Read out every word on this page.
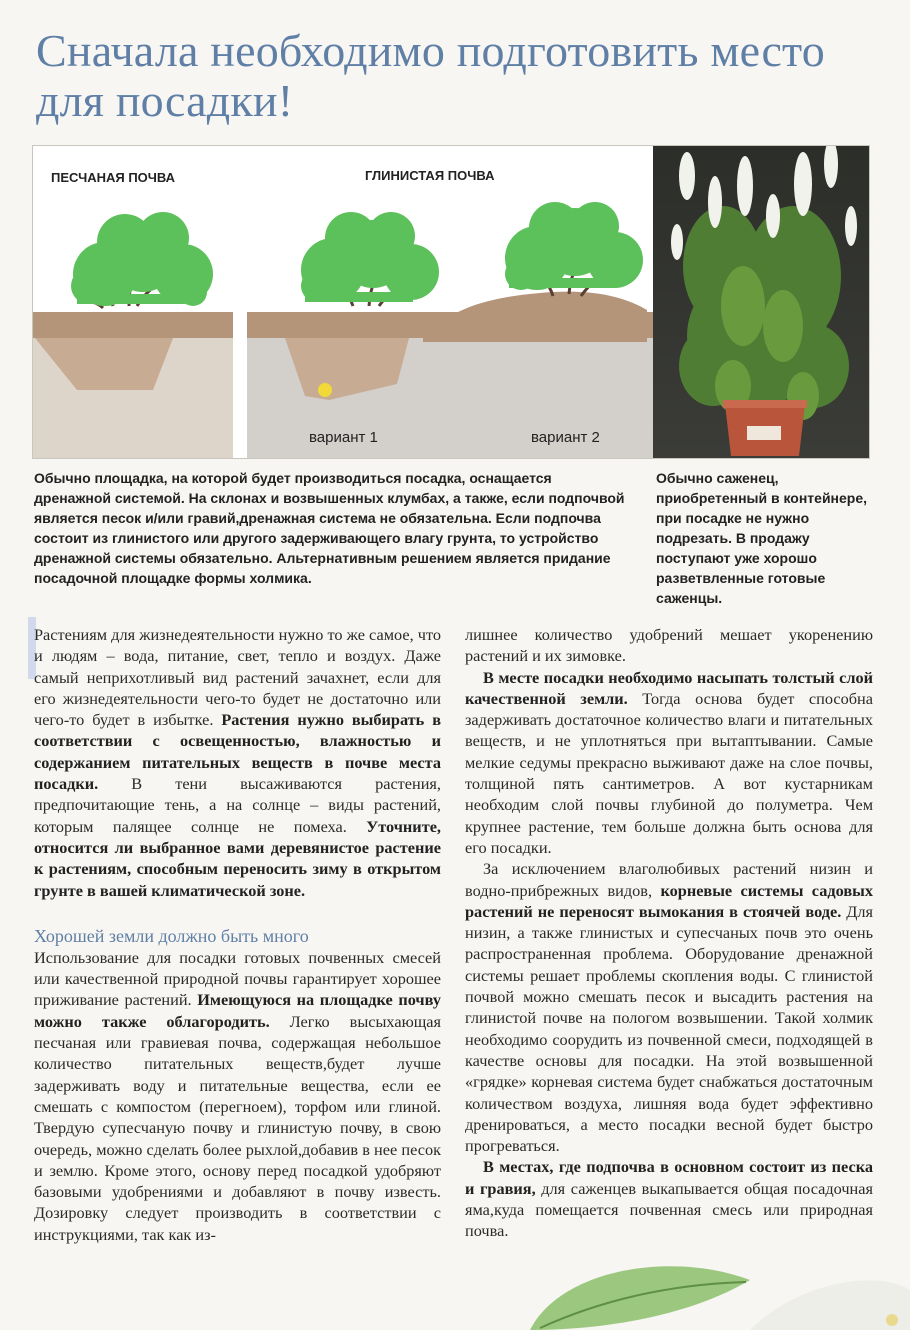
Сначала необходимо подготовить место для посадки!
ПЕСЧАНАЯ ПОЧВА	ГЛИНИСТАЯ ПОЧВА
вариант 1	вариант 2
Обычно площадка, на которой будет производиться посадка, оснащается дренажной системой. На склонах и возвышенных клумбах, а также, если подпочвой является песок и/или гравий,дренажная система не обязательна. Если подпочва состоит из глинистого или другого задерживающего влагу грунта, то устройство дренажной системы обязательно. Альтернативным решением является придание посадочной площадке формы холмика.
Обычно саженец, приобретенный в контейнере, при посадке не нужно подрезать. В продажу поступают уже хорошо разветвленные готовые саженцы.

Растениям для жизнедеятельности нужно то же самое, что и людям – вода, питание, свет, тепло и воздух. Даже самый неприхотливый вид растений зачахнет, если для его жизнедеятельности чего-то будет не достаточно или чего-то будет в избытке. Растения нужно выбирать в соответствии с освещенностью, влажностью и содержанием питательных веществ в почве места посадки. В тени высаживаются растения, предпочитающие тень, а на солнце – виды растений, которым палящее солнце не помеха. Уточните, относится ли выбранное вами деревянистое растение к растениям, способным переносить зиму в открытом грунте в вашей климатической зоне.

Хорошей земли должно быть много

Использование для посадки готовых почвенных смесей или качественной природной почвы гарантирует хорошее приживание растений. Имеющуюся на площадке почву можно также облагородить. Легко высыхающая песчаная или гравиевая почва, содержащая небольшое количество питательных веществ,будет лучше задерживать воду и питательные вещества, если ее смешать с компостом (перегноем), торфом или глиной. Твердую супесчаную почву и глинистую почву, в свою очередь, можно сделать более рыхлой,добавив в нее песок и землю. Кроме этого, основу перед посадкой удобряют базовыми удобрениями и добавляют в почву известь. Дозировку следует производить в соответствии с инструкциями, так как из-

лишнее количество удобрений мешает укоренению растений и их зимовке.

В месте посадки необходимо насыпать толстый слой качественной земли. Тогда основа будет способна задерживать достаточное количество влаги и питательных веществ, и не уплотняться при вытаптывании. Самые мелкие седумы прекрасно выживают даже на слое почвы, толщиной пять сантиметров. А вот кустарникам необходим слой почвы глубиной до полуметра. Чем крупнее растение, тем больше должна быть основа для его посадки.

За исключением влаголюбивых растений низин и водно-прибрежных видов, корневые системы садовых растений не переносят вымокания в стоячей воде. Для низин, а также глинистых и супесчаных почв это очень распространенная проблема. Оборудование дренажной системы решает проблемы скопления воды. С глинистой почвой можно смешать песок и высадить растения на глинистой почве на пологом возвышении. Такой холмик необходимо соорудить из почвенной смеси, подходящей в качестве основы для посадки. На этой возвышенной «грядке» корневая система будет снабжаться достаточным количеством воздуха, лишняя вода будет эффективно дренироваться, а место посадки весной будет быстро прогреваться.

В местах, где подпочва в основном состоит из песка и гравия, для саженцев выкапывается общая посадочная яма,куда помещается почвенная смесь или природная почва.
